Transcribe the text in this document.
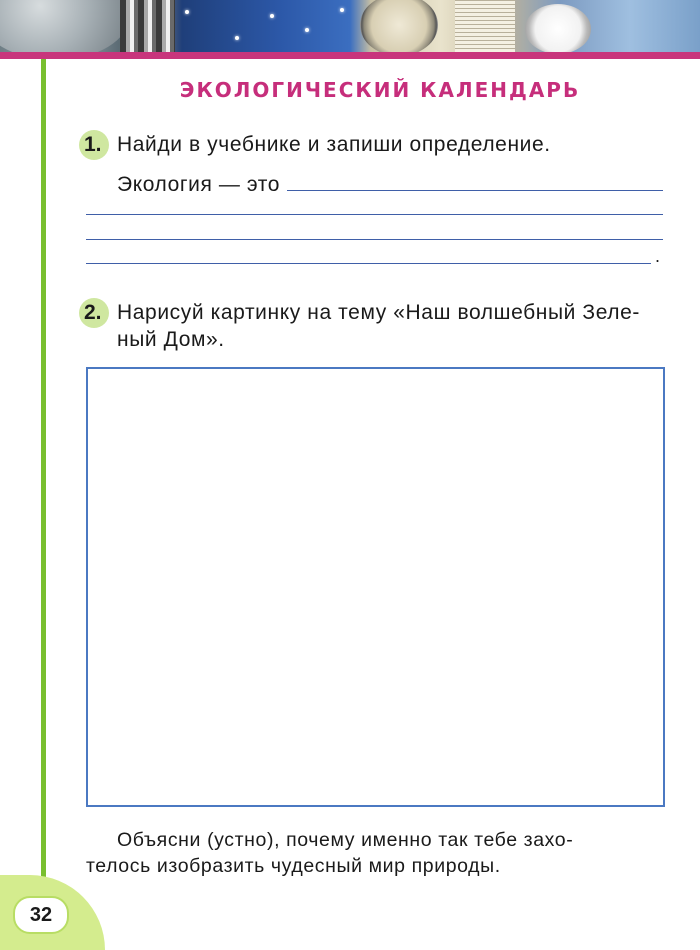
32
ЭКОЛОГИЧЕСКИЙ КАЛЕНДАРЬ
1. Найди в учебнике и запиши определение.
Экология — это
.
2. Нарисуй картинку на тему «Наш волшебный Зеле-
ный Дом».
Объясни (устно), почему именно так тебе захо-
телось изобразить чудесный мир природы.
